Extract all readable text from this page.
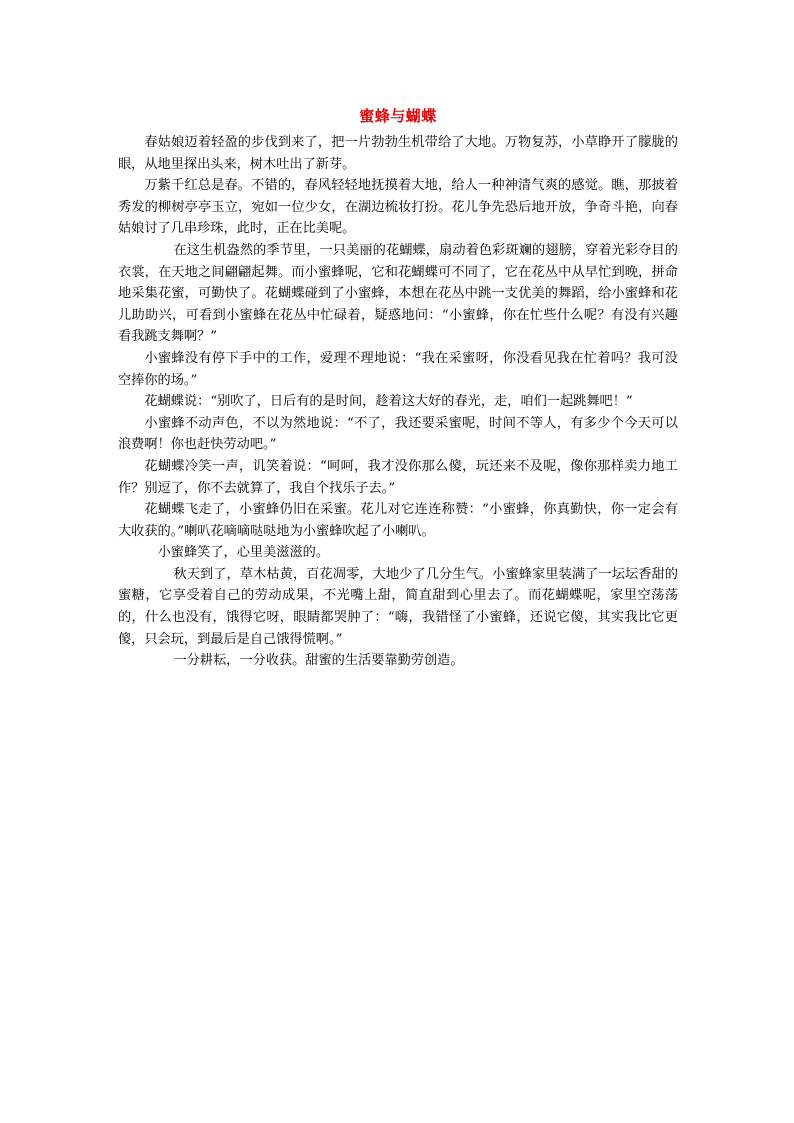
蜜蜂与蝴蝶

春姑娘迈着轻盈的步伐到来了，把一片勃勃生机带给了大地。万物复苏，小草睁开了朦胧的眼，从地里探出头来，树木吐出了新芽。

万紫千红总是春。不错的，春风轻轻地抚摸着大地，给人一种神清气爽的感觉。瞧，那披着秀发的柳树亭亭玉立，宛如一位少女，在湖边梳妆打扮。花儿争先恐后地开放，争奇斗艳，向春姑娘讨了几串珍珠，此时，正在比美呢。

在这生机盎然的季节里，一只美丽的花蝴蝶，扇动着色彩斑斓的翅膀，穿着光彩夺目的衣裳，在天地之间翩翩起舞。而小蜜蜂呢，它和花蝴蝶可不同了，它在花丛中从早忙到晚，拼命地采集花蜜，可勤快了。花蝴蝶碰到了小蜜蜂，本想在花丛中跳一支优美的舞蹈，给小蜜蜂和花儿助助兴，可看到小蜜蜂在花丛中忙碌着，疑惑地问：“小蜜蜂，你在忙些什么呢？有没有兴趣看我跳支舞啊？”

小蜜蜂没有停下手中的工作，爱理不理地说：“我在采蜜呀，你没看见我在忙着吗？我可没空捧你的场。”

花蝴蝶说：“别吹了，日后有的是时间，趁着这大好的春光，走，咱们一起跳舞吧！”

小蜜蜂不动声色，不以为然地说：“不了，我还要采蜜呢，时间不等人，有多少个今天可以浪费啊！你也赶快劳动吧。”

花蝴蝶冷笑一声，讥笑着说：“呵呵，我才没你那么傻，玩还来不及呢，像你那样卖力地工作？别逗了，你不去就算了，我自个找乐子去。”

花蝴蝶飞走了，小蜜蜂仍旧在采蜜。花儿对它连连称赞：“小蜜蜂，你真勤快，你一定会有大收获的。”喇叭花嘀嘀哒哒地为小蜜蜂吹起了小喇叭。

小蜜蜂笑了，心里美滋滋的。

秋天到了，草木枯黄，百花凋零，大地少了几分生气。小蜜蜂家里装满了一坛坛香甜的蜜糖，它享受着自己的劳动成果，不光嘴上甜，简直甜到心里去了。而花蝴蝶呢，家里空荡荡的，什么也没有，饿得它呀，眼睛都哭肿了：“嗨，我错怪了小蜜蜂，还说它傻，其实我比它更傻，只会玩，到最后是自己饿得慌啊。”

一分耕耘，一分收获。甜蜜的生活要靠勤劳创造。
